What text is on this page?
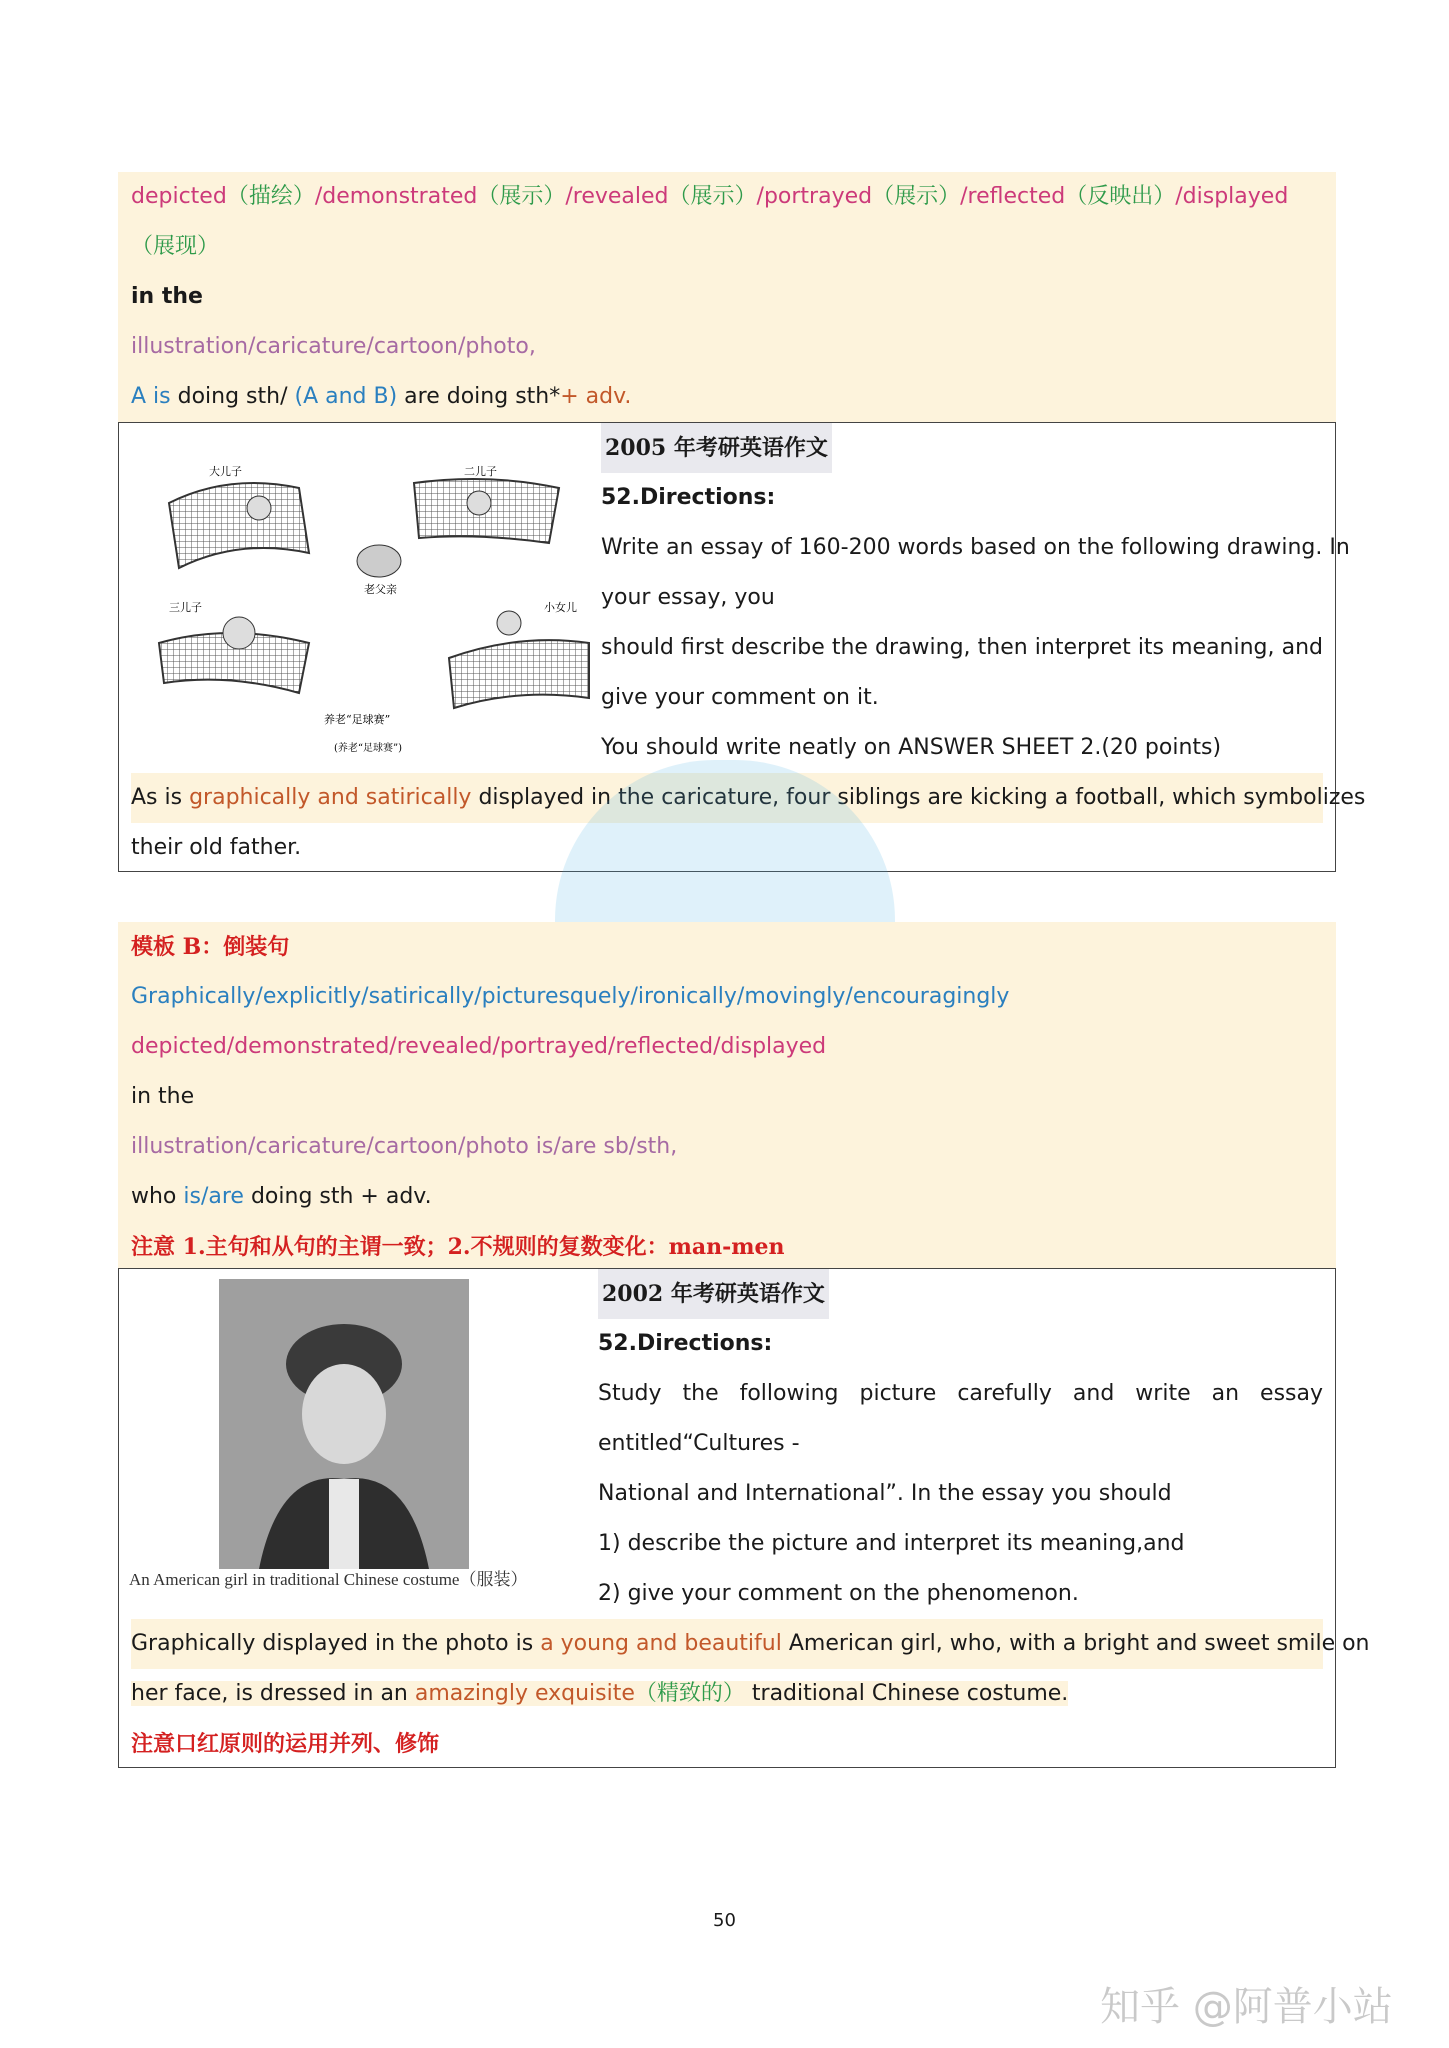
depicted（描绘）/demonstrated（展示）/revealed（展示）/portrayed（展示）/reflected（反映出）/displayed
（展现）
in the
illustration/caricature/cartoon/photo,
A is doing sth/ (A and B) are doing sth*+ adv.
大儿子	二儿子
老父亲
三儿子	小女儿
养老“足球赛”
(养老“足球赛”)
2005 年考研英语作文
52.Directions:
Write an essay of 160-200 words based on the following drawing. In
your essay, you
should first describe the drawing, then interpret its meaning, and
give your comment on it.
You should write neatly on ANSWER SHEET 2.(20 points)
As is graphically and satirically displayed in the caricature, four siblings are kicking a football, which symbolizes
their old father.
模板 B：倒装句
Graphically/explicitly/satirically/picturesquely/ironically/movingly/encouragingly
depicted/demonstrated/revealed/portrayed/reflected/displayed
in the
illustration/caricature/cartoon/photo is/are sb/sth,
who is/are doing sth + adv.
注意 1.主句和从句的主谓一致；2.不规则的复数变化：man-men
An American girl in traditional Chinese costume（服装）
2002 年考研英语作文
52.Directions:
Study the following picture carefully and write an essay
entitled“Cultures -
National and International”. In the essay you should
1) describe the picture and interpret its meaning,and
2) give your comment on the phenomenon.
Graphically displayed in the photo is a young and beautiful American girl, who, with a bright and sweet smile on
her face, is dressed in an amazingly exquisite（精致的） traditional Chinese costume.
注意口红原则的运用并列、修饰
50
知乎 @阿普小站
